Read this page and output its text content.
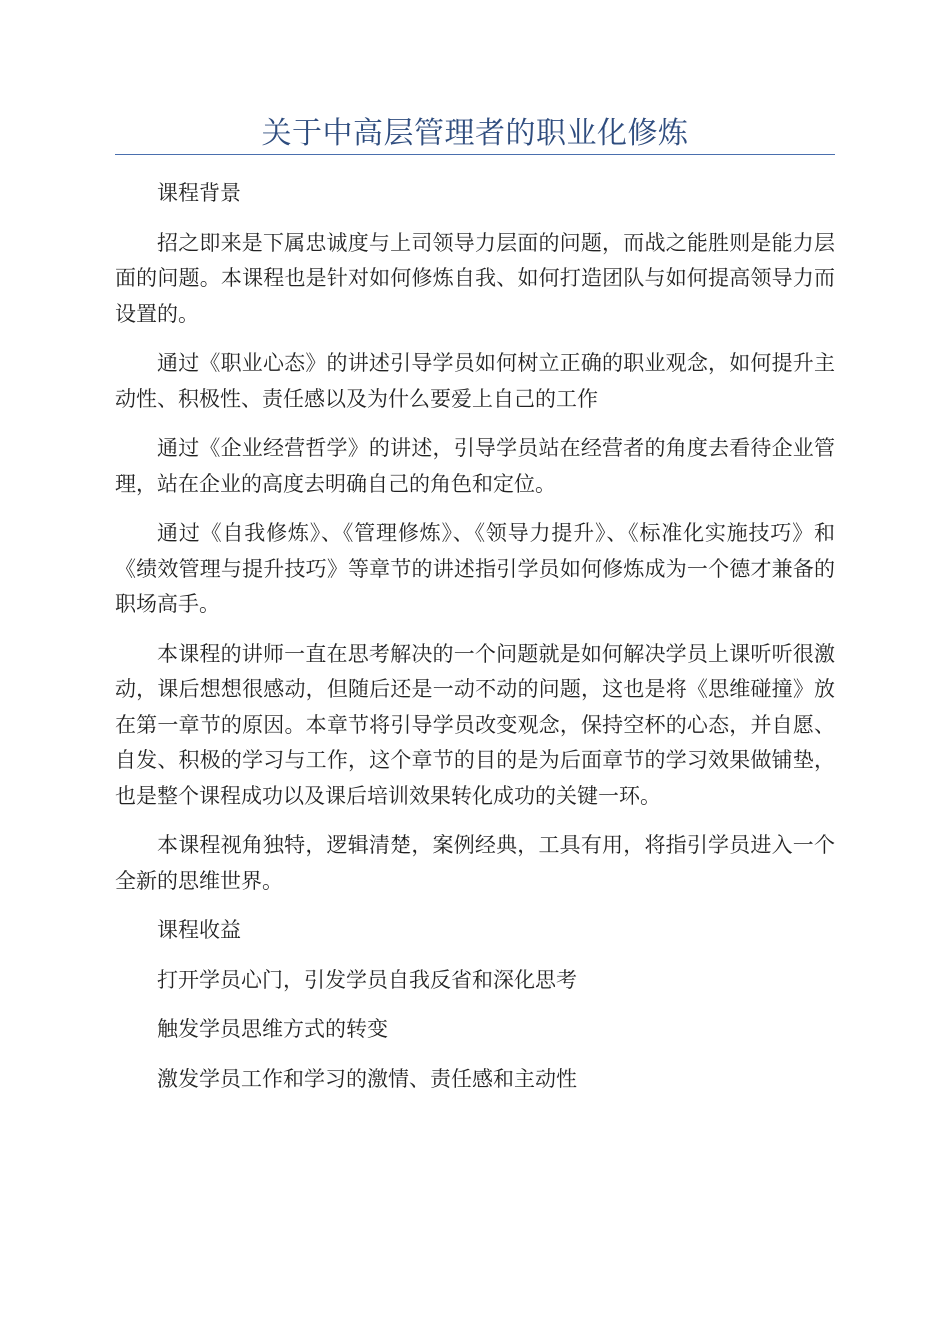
关于中高层管理者的职业化修炼

课程背景

招之即来是下属忠诚度与上司领导力层面的问题，而战之能胜则是能力层面的问题。本课程也是针对如何修炼自我、如何打造团队与如何提高领导力而设置的。

通过《职业心态》的讲述引导学员如何树立正确的职业观念，如何提升主动性、积极性、责任感以及为什么要爱上自己的工作

通过《企业经营哲学》的讲述，引导学员站在经营者的角度去看待企业管理，站在企业的高度去明确自己的角色和定位。

通过《自我修炼》、《管理修炼》、《领导力提升》、《标准化实施技巧》和《绩效管理与提升技巧》等章节的讲述指引学员如何修炼成为一个德才兼备的职场高手。

本课程的讲师一直在思考解决的一个问题就是如何解决学员上课听听很激动，课后想想很感动，但随后还是一动不动的问题，这也是将《思维碰撞》放在第一章节的原因。本章节将引导学员改变观念，保持空杯的心态，并自愿、自发、积极的学习与工作，这个章节的目的是为后面章节的学习效果做铺垫，也是整个课程成功以及课后培训效果转化成功的关键一环。

本课程视角独特，逻辑清楚，案例经典，工具有用，将指引学员进入一个全新的思维世界。

课程收益

打开学员心门，引发学员自我反省和深化思考

触发学员思维方式的转变

激发学员工作和学习的激情、责任感和主动性
